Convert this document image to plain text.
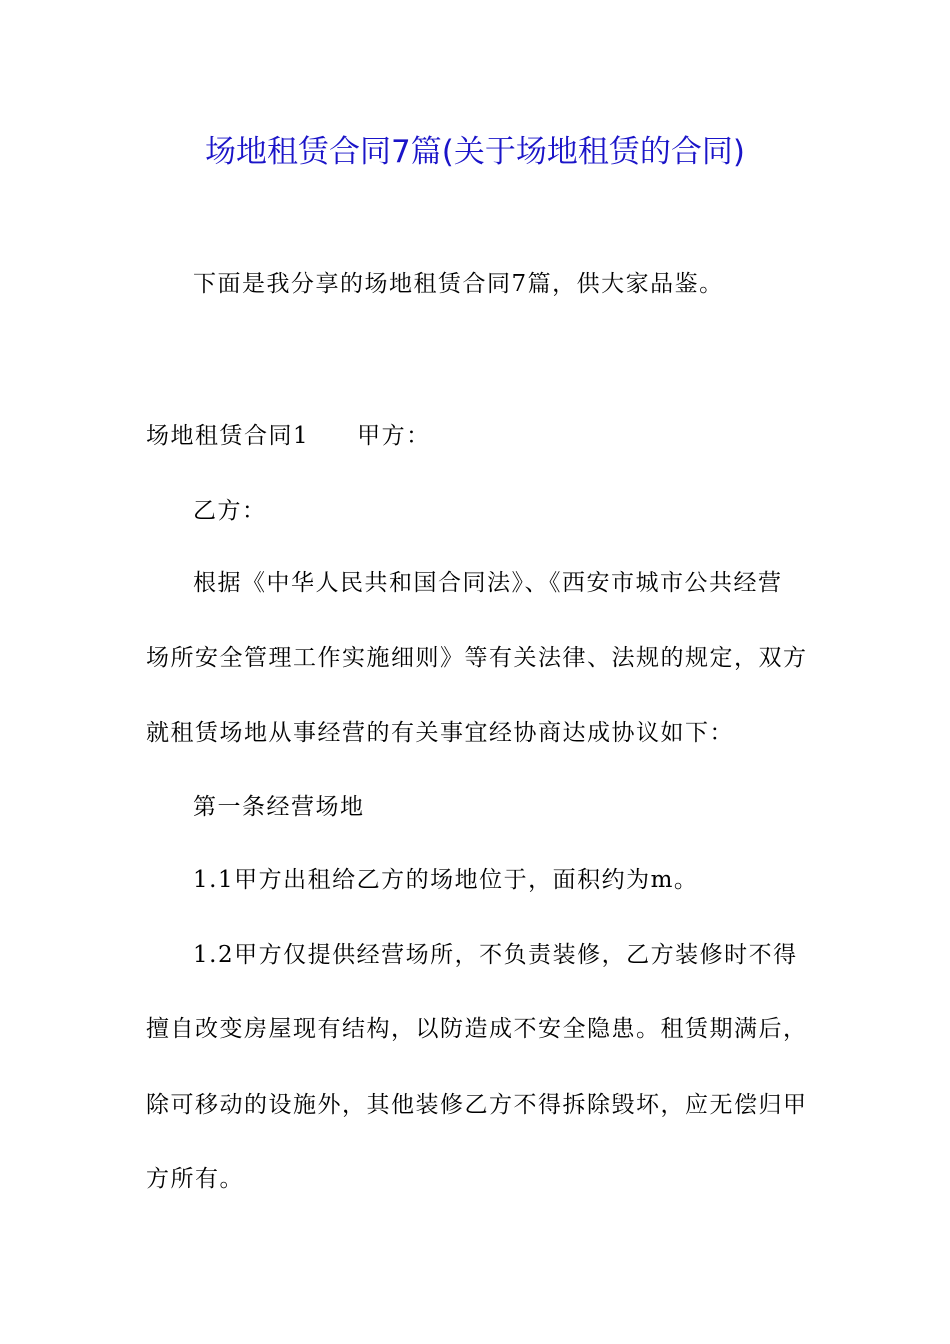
场地租赁合同7篇(关于场地租赁的合同)
下面是我分享的场地租赁合同7篇，供大家品鉴。
场地租赁合同1 甲方：
乙方：
根据《中华人民共和国合同法》、《西安市城市公共经营
场所安全管理工作实施细则》等有关法律、法规的规定，双方
就租赁场地从事经营的有关事宜经协商达成协议如下：
第一条经营场地
1.1甲方出租给乙方的场地位于，面积约为m。
1.2甲方仅提供经营场所，不负责装修，乙方装修时不得
擅自改变房屋现有结构，以防造成不安全隐患。租赁期满后，
除可移动的设施外，其他装修乙方不得拆除毁坏，应无偿归甲
方所有。
